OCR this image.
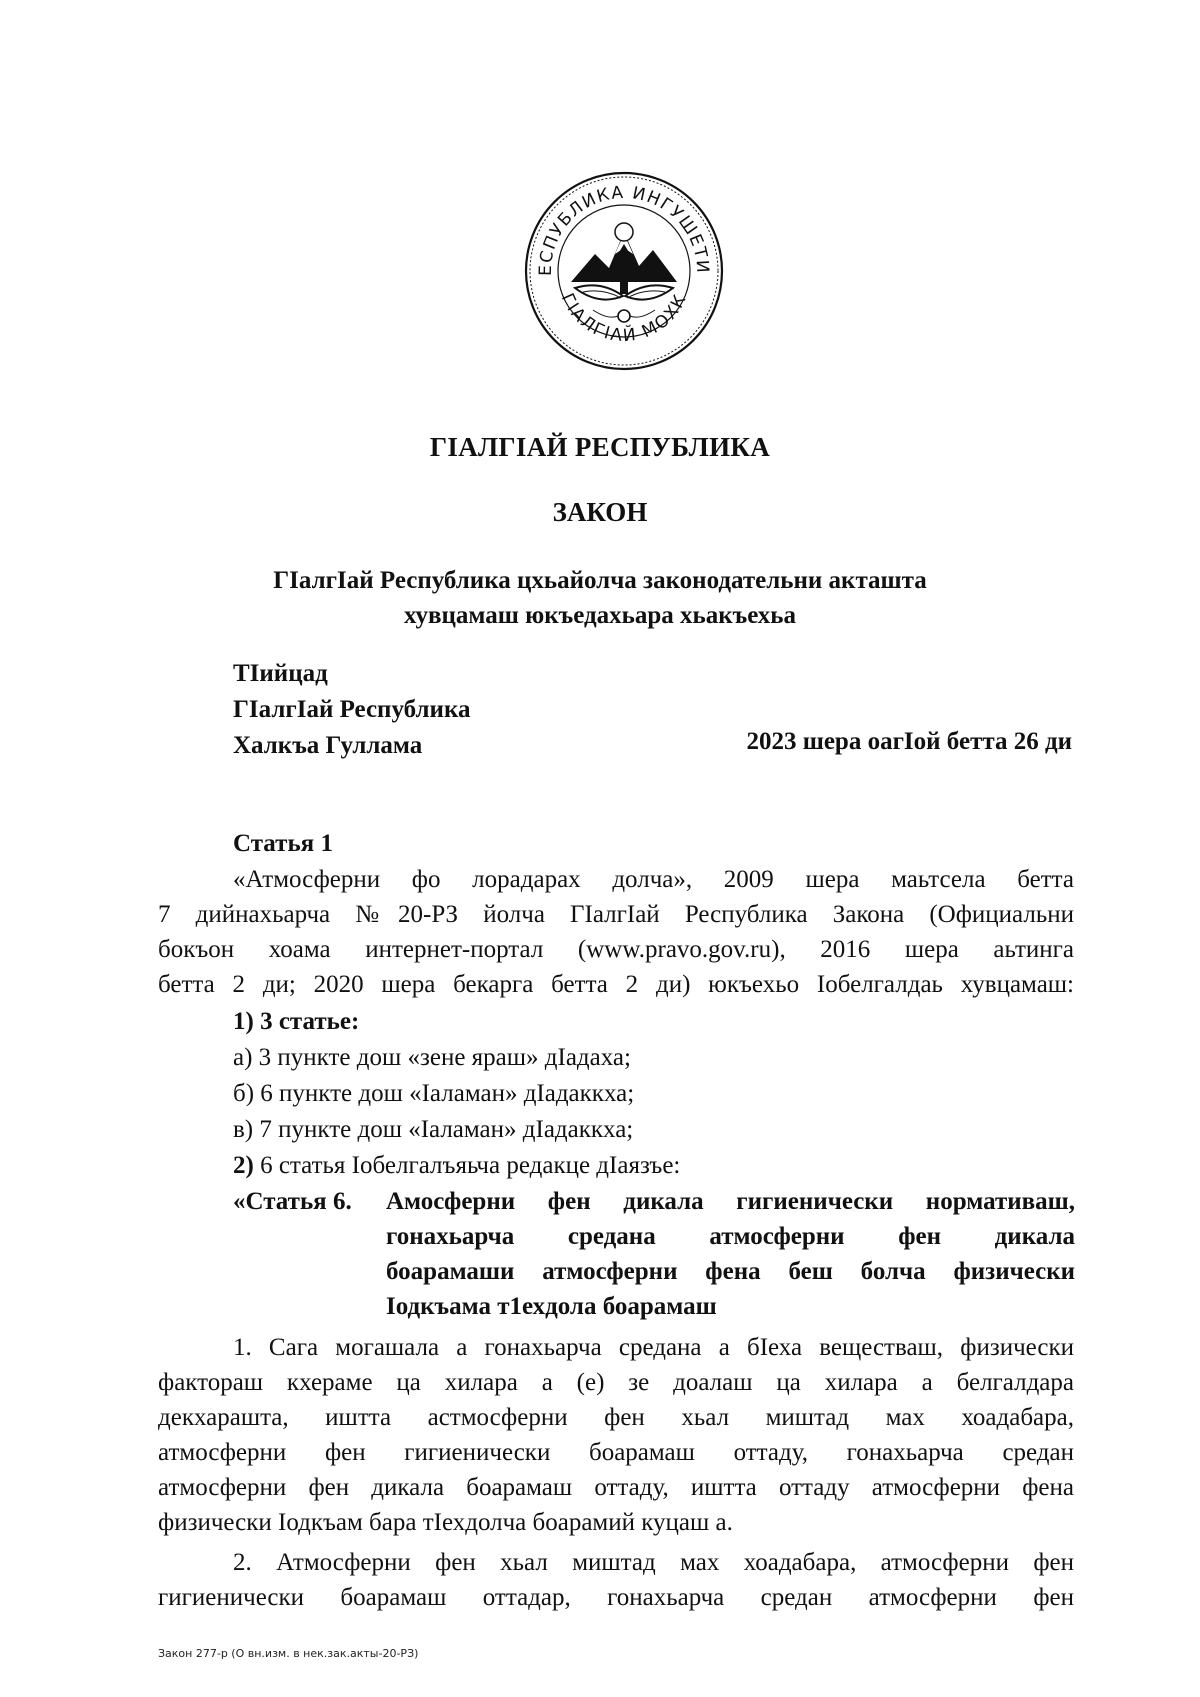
ЕСПУБЛИКА ИНГУШЕТИ
ГIАЛГIАЙ МОХК
ГIАЛГIАЙ РЕСПУБЛИКА
ЗАКОН
ГIалгIай Республика цхьайолча законодательни акташта
хувцамаш юкъедахьара хьакъехьа
ТIийцад
ГIалгIай Республика
Халкъа Гуллама	2023 шера оагIой бетта 26 ди
Статья 1
«Атмосферни фо лорадарах долча», 2009 шера маьтсела бетта
7 дийнахьарча №20-РЗ йолча ГIалгIай Республика Закона (Официальни
бокъон хоама интернет-портал (www.pravo.gov.ru), 2016 шера аьтинга
бетта 2 ди; 2020 шера бекарга бетта 2 ди) юкъехьо Iобелгалдаь хувцамаш:
1) 3 статье:
а) 3 пункте дош «зене яраш» дIадаха;
б) 6 пункте дош «Iаламан» дIадаккха;
в) 7 пункте дош «Iаламан» дIадаккха;
2) 6 статья Iобелгалъяьча редакце дIаязъе:
«Статья 6. Амосферни фен дикала гигиенически нормативаш,
гонахьарча средана атмосферни фен дикала
боарамаши атмосферни фена беш болча физически
Iодкъама т1ехдола боарамаш
1. Сага могашала а гонахьарча средана а бIеха веществаш, физически
фактораш кхераме ца хилара а (е) зе доалаш ца хилара а белгалдара
декхарашта, иштта астмосферни фен хьал миштад мах хоадабара,
атмосферни фен гигиенически боарамаш оттаду, гонахьарча средан
атмосферни фен дикала боарамаш оттаду, иштта оттаду атмосферни фена
физически Iодкъам бара тIехдолча боарамий куцаш а.
2. Атмосферни фен хьал миштад мах хоадабара, атмосферни фен
гигиенически боарамаш оттадар, гонахьарча средан атмосферни фен
Закон 277-р (О вн.изм. в нек.зак.акты-20-РЗ)
